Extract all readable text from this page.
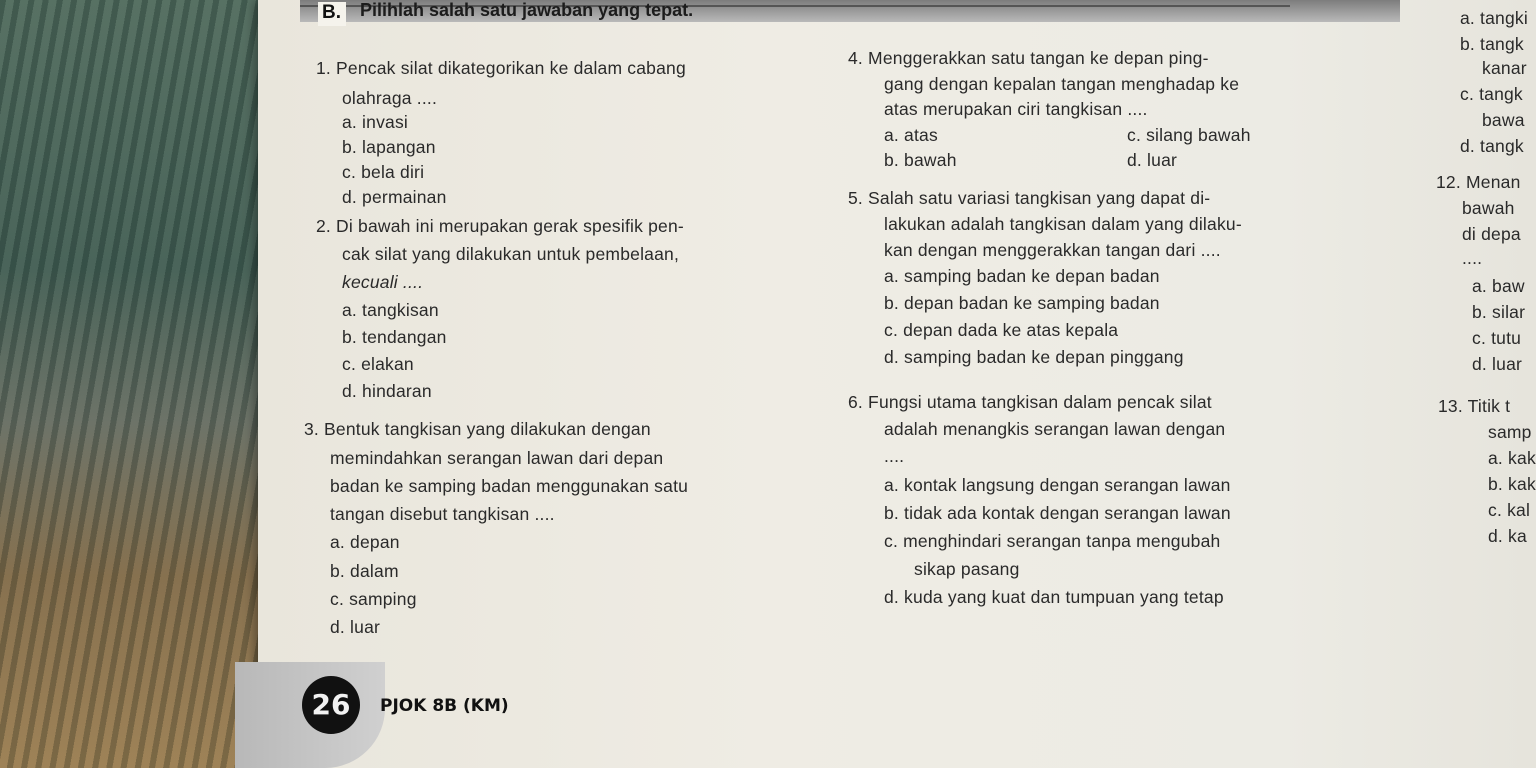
B. Pilihlah salah satu jawaban yang tepat.
1. Pencak silat dikategorikan ke dalam cabang
olahraga ....
a. invasi
b. lapangan
c. bela diri
d. permainan
2. Di bawah ini merupakan gerak spesifik pen-
cak silat yang dilakukan untuk pembelaan,
kecuali ....
a. tangkisan
b. tendangan
c. elakan
d. hindaran
3. Bentuk tangkisan yang dilakukan dengan
memindahkan serangan lawan dari depan
badan ke samping badan menggunakan satu
tangan disebut tangkisan ....
a. depan
b. dalam
c. samping
d. luar
4. Menggerakkan satu tangan ke depan ping-
gang dengan kepalan tangan menghadap ke
atas merupakan ciri tangkisan ....
a. atas
b. bawah
c. silang bawah
d. luar
5. Salah satu variasi tangkisan yang dapat di-
lakukan adalah tangkisan dalam yang dilaku-
kan dengan menggerakkan tangan dari ....
a. samping badan ke depan badan
b. depan badan ke samping badan
c. depan dada ke atas kepala
d. samping badan ke depan pinggang
6. Fungsi utama tangkisan dalam pencak silat
adalah menangkis serangan lawan dengan
....
a. kontak langsung dengan serangan lawan
b. tidak ada kontak dengan serangan lawan
c. menghindari serangan tanpa mengubah
sikap pasang
d. kuda yang kuat dan tumpuan yang tetap
a. tangki
b. tangk
kanar
c. tangk
bawa
d. tangk
12. Menan
bawah
di depa
....
a. baw
b. silar
c. tutu
d. luar
13. Titik t
samp
a. kak
b. kak
c. kal
d. ka
26	PJOK 8B (KM)
